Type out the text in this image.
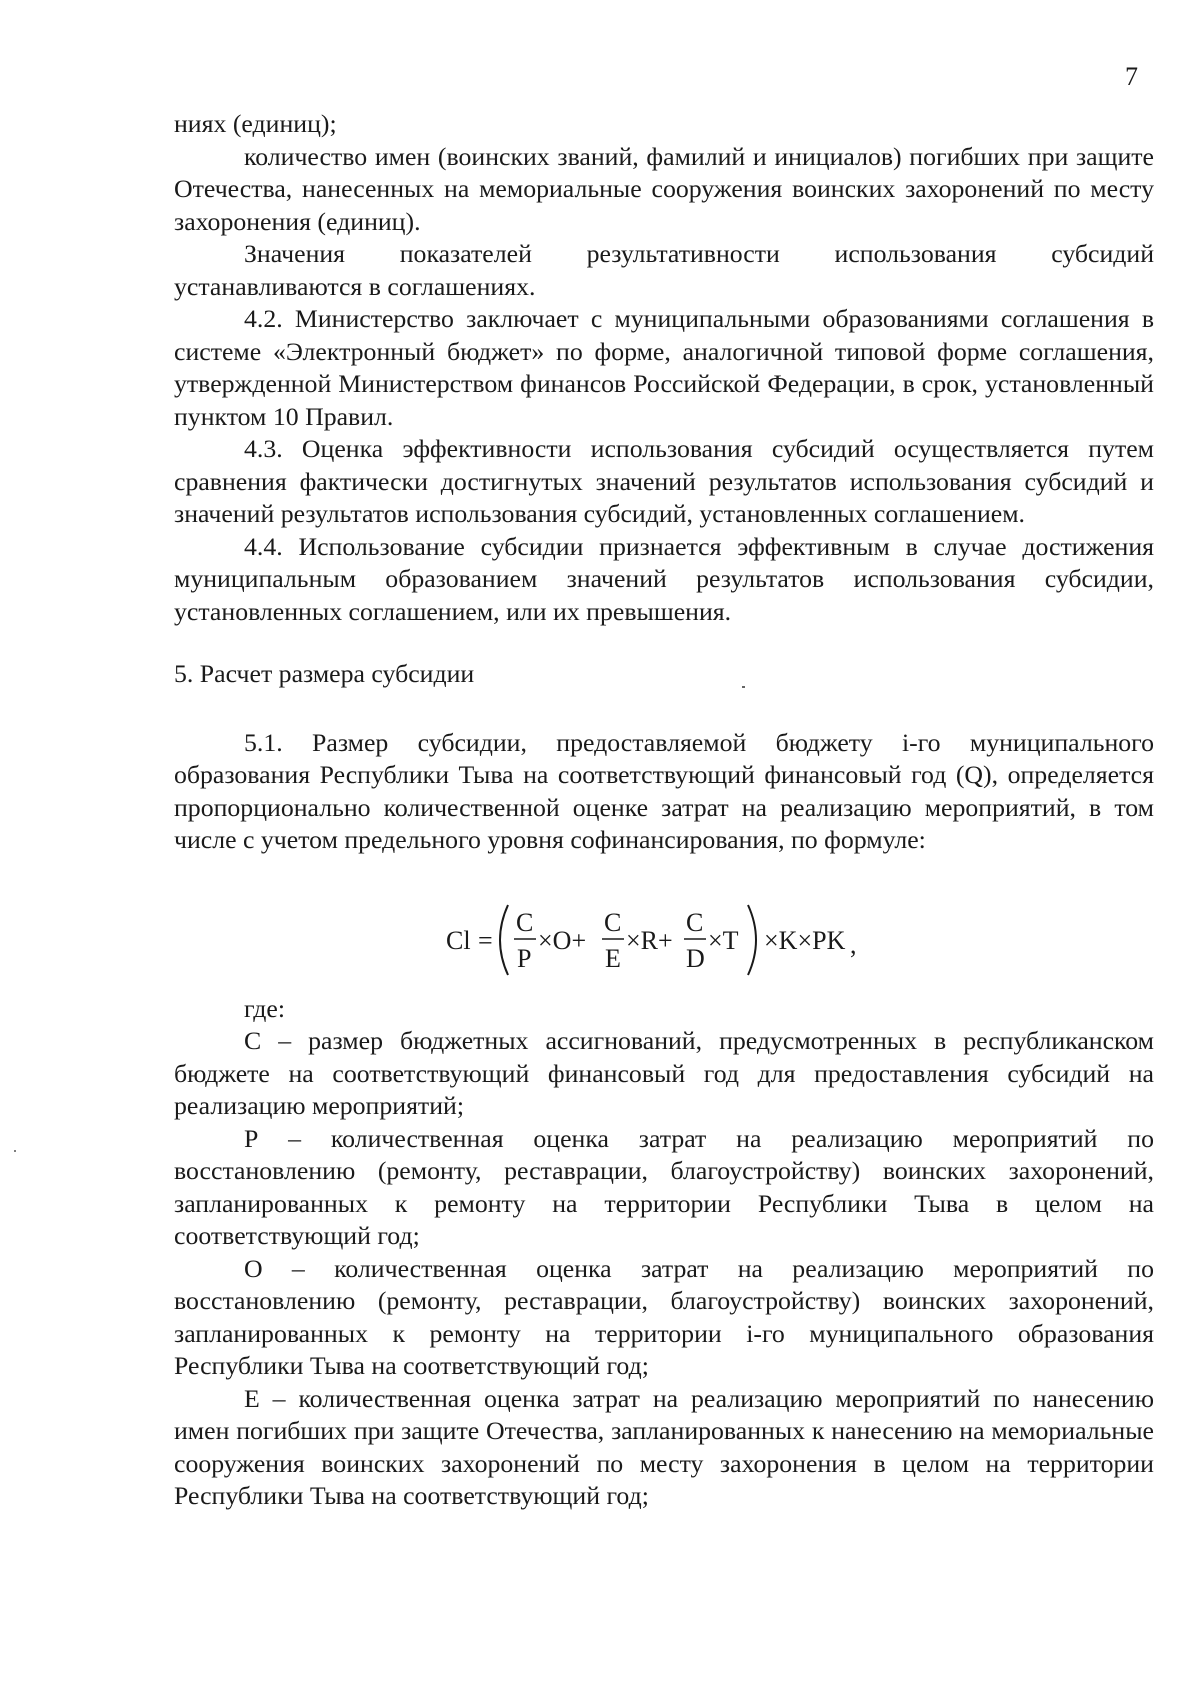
7

ниях (единиц);

количество имен (воинских званий, фамилий и инициалов) погибших при защите Отечества, нанесенных на мемориальные сооружения воинских захоронений по месту захоронения (единиц).

Значения показателей результативности использования субсидий устанавливаются в соглашениях.

4.2. Министерство заключает с муниципальными образованиями соглашения в системе «Электронный бюджет» по форме, аналогичной типовой форме соглашения, утвержденной Министерством финансов Российской Федерации, в срок, установленный пунктом 10 Правил.

4.3. Оценка эффективности использования субсидий осуществляется путем сравнения фактически достигнутых значений результатов использования субсидий и значений результатов использования субсидий, установленных соглашением.

4.4. Использование субсидии признается эффективным в случае достижения муниципальным образованием значений результатов использования субсидии, установленных соглашением, или их превышения.

5. Расчет размера субсидии

5.1. Размер субсидии, предоставляемой бюджету i-го муниципального образования Республики Тыва на соответствующий финансовый год (Q), определяется пропорционально количественной оценке затрат на реализацию мероприятий, в том числе с учетом предельного уровня софинансирования, по формуле:

Cl =
C
P
×O+
C
E
×R+
C
D
×T ×K×PK ,

где:

С – размер бюджетных ассигнований, предусмотренных в республиканском бюджете на соответствующий финансовый год для предоставления субсидий на реализацию мероприятий;

Р – количественная оценка затрат на реализацию мероприятий по восстановлению (ремонту, реставрации, благоустройству) воинских захоронений, запланированных к ремонту на территории Республики Тыва в целом на соответствующий год;

О – количественная оценка затрат на реализацию мероприятий по восстановлению (ремонту, реставрации, благоустройству) воинских захоронений, запланированных к ремонту на территории i-го муниципального образования Республики Тыва на соответствующий год;

Е – количественная оценка затрат на реализацию мероприятий по нанесению имен погибших при защите Отечества, запланированных к нанесению на мемориальные сооружения воинских захоронений по месту захоронения в целом на территории Республики Тыва на соответствующий год;
